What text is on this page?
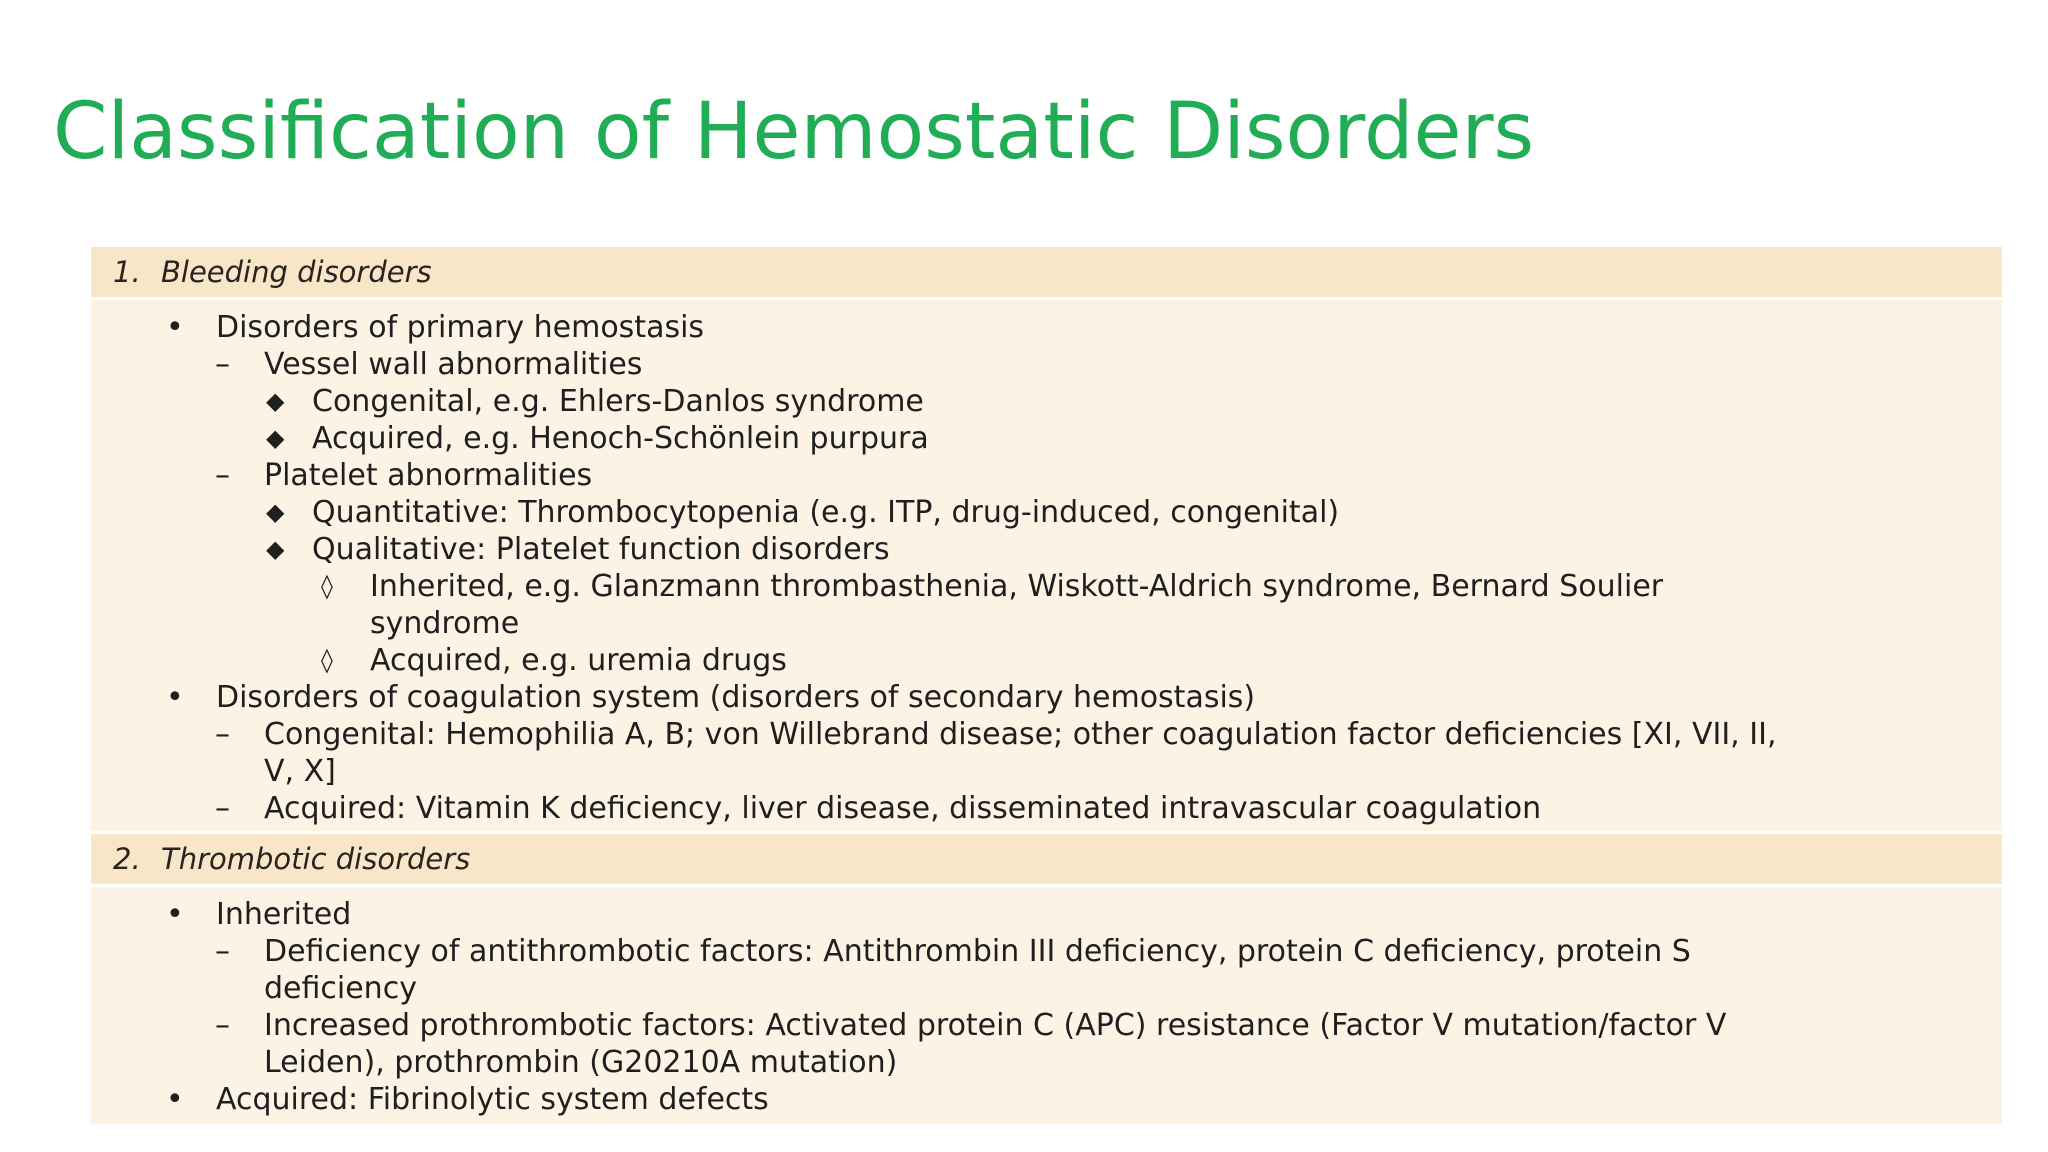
Classification of Hemostatic Disorders
1. Bleeding disorders
• Disorders of primary hemostasis
– Vessel wall abnormalities
◆ Congenital, e.g. Ehlers-Danlos syndrome
◆ Acquired, e.g. Henoch-Schönlein purpura
– Platelet abnormalities
◆ Quantitative: Thrombocytopenia (e.g. ITP, drug-induced, congenital)
◆ Qualitative: Platelet function disorders
◊ Inherited, e.g. Glanzmann thrombasthenia, Wiskott-Aldrich syndrome, Bernard Soulier
syndrome
◊ Acquired, e.g. uremia drugs
• Disorders of coagulation system (disorders of secondary hemostasis)
– Congenital: Hemophilia A, B; von Willebrand disease; other coagulation factor deficiencies [XI, VII, II,
V, X]
– Acquired: Vitamin K deficiency, liver disease, disseminated intravascular coagulation
2. Thrombotic disorders
• Inherited
– Deficiency of antithrombotic factors: Antithrombin III deficiency, protein C deficiency, protein S
deficiency
– Increased prothrombotic factors: Activated protein C (APC) resistance (Factor V mutation/factor V
Leiden), prothrombin (G20210A mutation)
• Acquired: Fibrinolytic system defects
